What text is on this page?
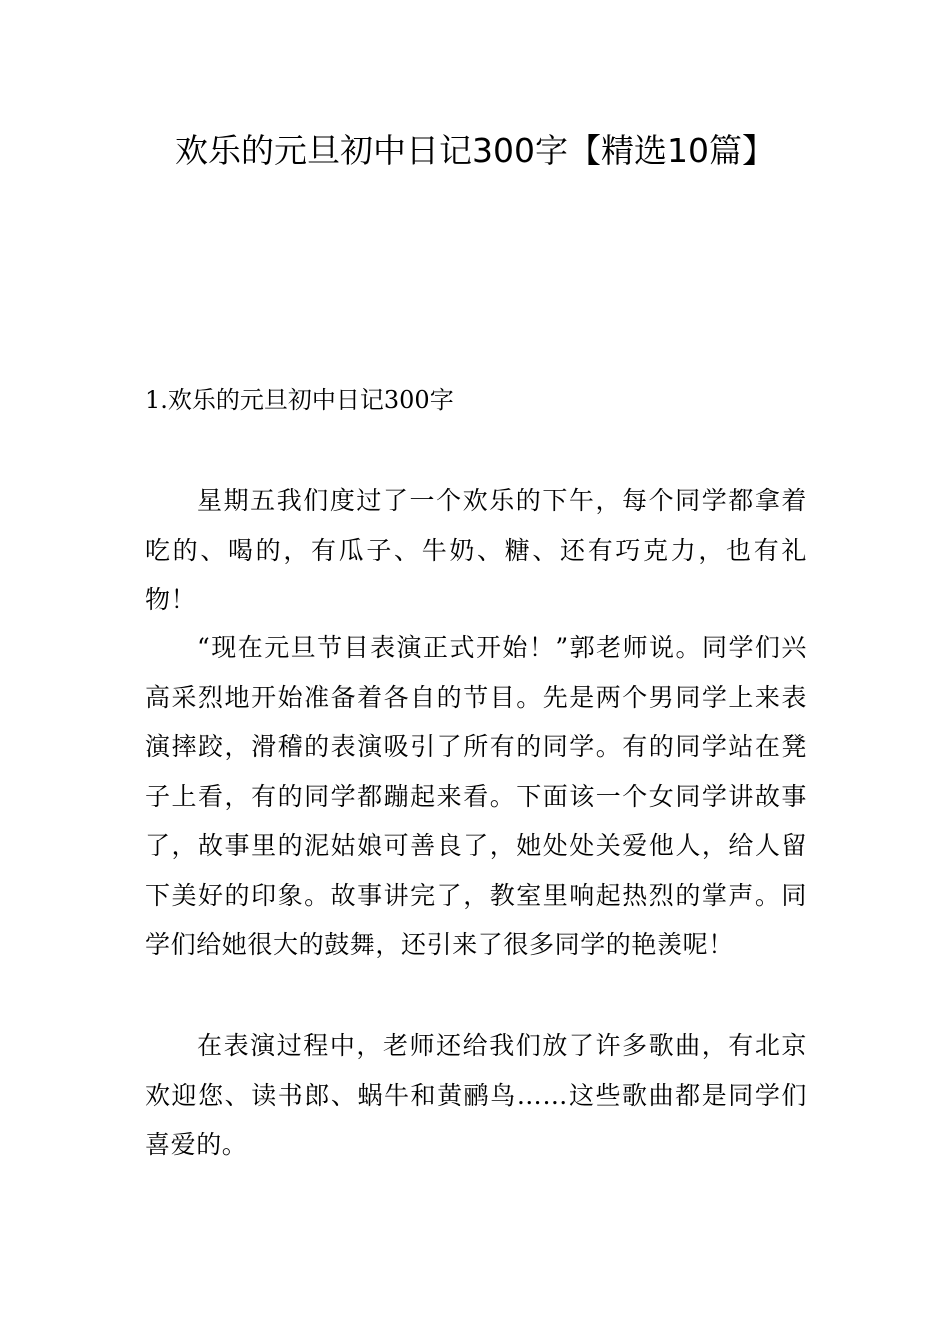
欢乐的元旦初中日记300字【精选10篇】
1.欢乐的元旦初中日记300字

星期五我们度过了一个欢乐的下午，每个同学都拿着吃的、喝的，有瓜子、牛奶、糖、还有巧克力，也有礼物！

“现在元旦节目表演正式开始！”郭老师说。同学们兴高采烈地开始准备着各自的节目。先是两个男同学上来表演摔跤，滑稽的表演吸引了所有的同学。有的同学站在凳子上看，有的同学都蹦起来看。下面该一个女同学讲故事了，故事里的泥姑娘可善良了，她处处关爱他人，给人留下美好的印象。故事讲完了，教室里响起热烈的掌声。同学们给她很大的鼓舞，还引来了很多同学的艳羡呢！

在表演过程中，老师还给我们放了许多歌曲，有北京欢迎您、读书郎、蜗牛和黄鹂鸟……这些歌曲都是同学们喜爱的。
